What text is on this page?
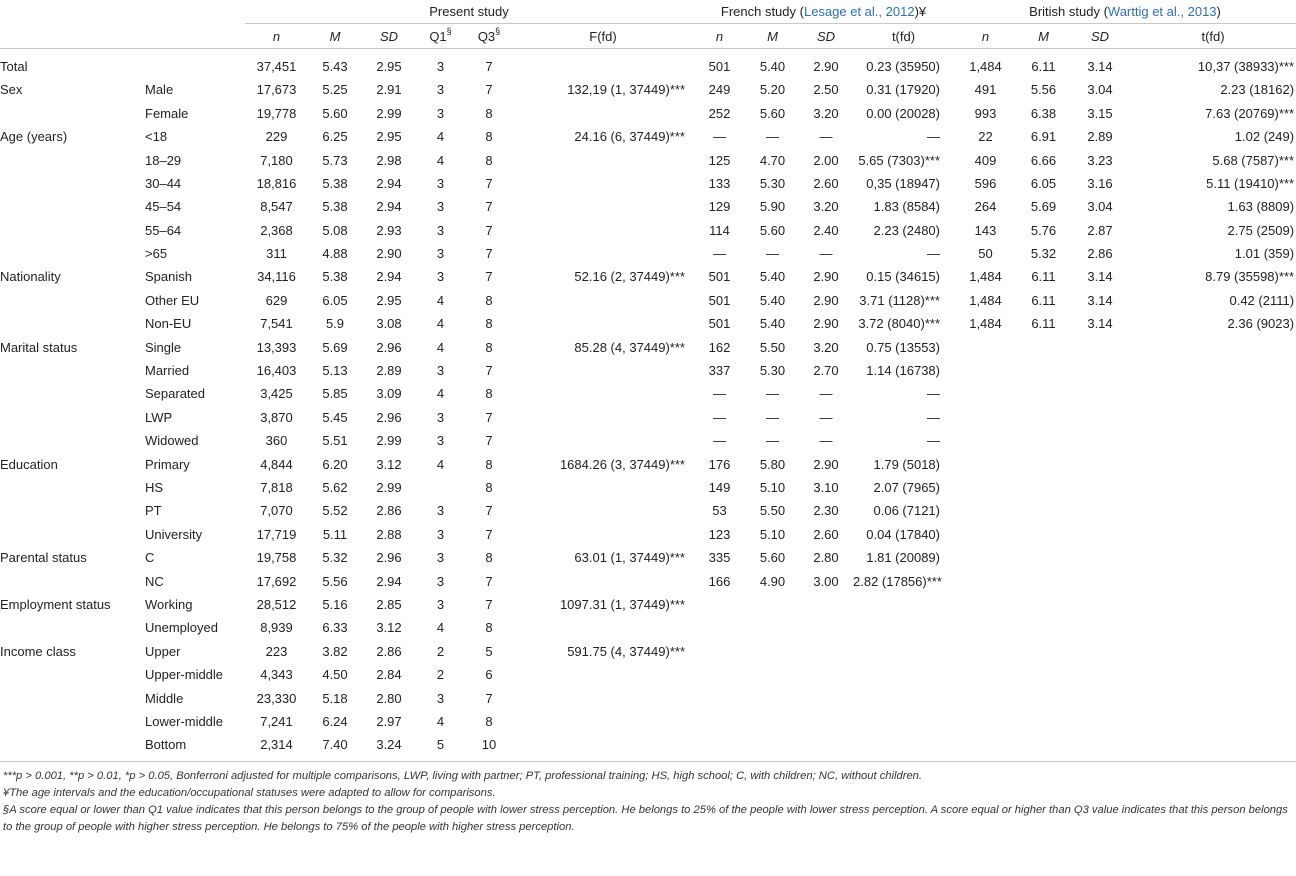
		Present study						French study (Lesage et al., 2012)¥				British study (Warttig et al., 2013)			
		n	M	SD	Q1§	Q3§	F(fd)	n	M	SD	t(fd)	n	M	SD	t(fd)
Total		37,451	5.43	2.95	3	7		501	5.40	2.90	0.23 (35950)	1,484	6.11	3.14	10,37 (38933)***
Sex	Male	17,673	5.25	2.91	3	7	132,19 (1, 37449)***	249	5.20	2.50	0.31 (17920)	491	5.56	3.04	2.23 (18162)
	Female	19,778	5.60	2.99	3	8		252	5.60	3.20	0.00 (20028)	993	6.38	3.15	7.63 (20769)***
Age (years)	<18	229	6.25	2.95	4	8	24.16 (6, 37449)***	—	—	—	—	22	6.91	2.89	1.02 (249)
	18–29	7,180	5.73	2.98	4	8		125	4.70	2.00	5.65 (7303)***	409	6.66	3.23	5.68 (7587)***
	30–44	18,816	5.38	2.94	3	7		133	5.30	2.60	0,35 (18947)	596	6.05	3.16	5.11 (19410)***
	45–54	8,547	5.38	2.94	3	7		129	5.90	3.20	1.83 (8584)	264	5.69	3.04	1.63 (8809)
	55–64	2,368	5.08	2.93	3	7		114	5.60	2.40	2.23 (2480)	143	5.76	2.87	2.75 (2509)
	>65	311	4.88	2.90	3	7		—	—	—	—	50	5.32	2.86	1.01 (359)
Nationality	Spanish	34,116	5.38	2.94	3	7	52.16 (2, 37449)***	501	5.40	2.90	0.15 (34615)	1,484	6.11	3.14	8.79 (35598)***
	Other EU	629	6.05	2.95	4	8		501	5.40	2.90	3.71 (1128)***	1,484	6.11	3.14	0.42 (2111)
	Non-EU	7,541	5.9	3.08	4	8		501	5.40	2.90	3.72 (8040)***	1,484	6.11	3.14	2.36 (9023)
Marital status	Single	13,393	5.69	2.96	4	8	85.28 (4, 37449)***	162	5.50	3.20	0.75 (13553)				
	Married	16,403	5.13	2.89	3	7		337	5.30	2.70	1.14 (16738)				
	Separated	3,425	5.85	3.09	4	8		—	—	—	—				
	LWP	3,870	5.45	2.96	3	7		—	—	—	—				
	Widowed	360	5.51	2.99	3	7		—	—	—	—				
Education	Primary	4,844	6.20	3.12	4	8	1684.26 (3, 37449)***	176	5.80	2.90	1.79 (5018)				
	HS	7,818	5.62	2.99		8		149	5.10	3.10	2.07 (7965)				
	PT	7,070	5.52	2.86	3	7		53	5.50	2.30	0.06 (7121)				
	University	17,719	5.11	2.88	3	7		123	5.10	2.60	0.04 (17840)				
Parental status	C	19,758	5.32	2.96	3	8	63.01 (1, 37449)***	335	5.60	2.80	1.81 (20089)				
	NC	17,692	5.56	2.94	3	7		166	4.90	3.00	2.82 (17856)***				
Employment status	Working	28,512	5.16	2.85	3	7	1097.31 (1, 37449)***								
	Unemployed	8,939	6.33	3.12	4	8									
Income class	Upper	223	3.82	2.86	2	5	591.75 (4, 37449)***								
	Upper-middle	4,343	4.50	2.84	2	6									
	Middle	23,330	5.18	2.80	3	7									
	Lower-middle	7,241	6.24	2.97	4	8									
	Bottom	2,314	7.40	3.24	5	10									

***p > 0.001, **p > 0.01, *p > 0.05, Bonferroni adjusted for multiple comparisons, LWP, living with partner; PT, professional training; HS, high school; C, with children; NC, without children.

¥The age intervals and the education/occupational statuses were adapted to allow for comparisons.

§A score equal or lower than Q1 value indicates that this person belongs to the group of people with lower stress perception. He belongs to 25% of the people with lower stress perception. A score equal or higher than Q3 value indicates that this person belongs to the group of people with higher stress perception. He belongs to 75% of the people with higher stress perception.
